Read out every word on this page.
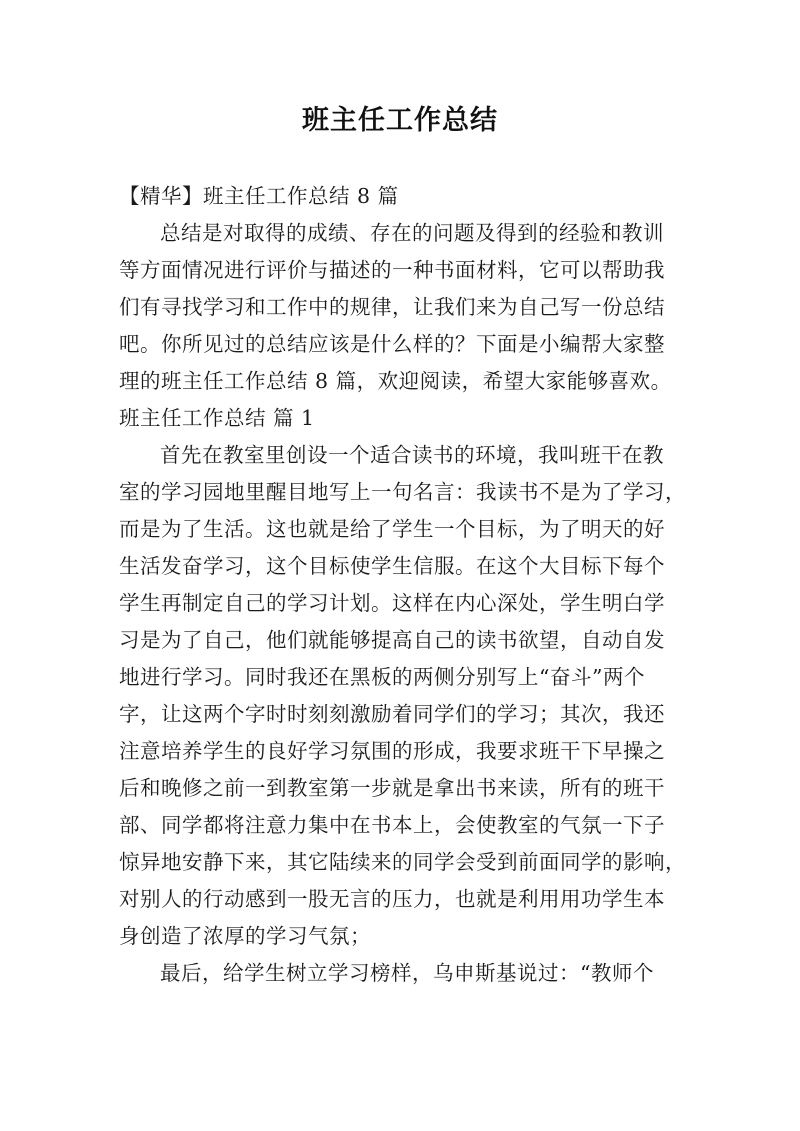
班主任工作总结
【精华】班主任工作总结 8 篇
总结是对取得的成绩、存在的问题及得到的经验和教训
等方面情况进行评价与描述的一种书面材料，它可以帮助我
们有寻找学习和工作中的规律，让我们来为自己写一份总结
吧。你所见过的总结应该是什么样的？下面是小编帮大家整
理的班主任工作总结 8 篇，欢迎阅读，希望大家能够喜欢。
班主任工作总结 篇 1
首先在教室里创设一个适合读书的环境，我叫班干在教
室的学习园地里醒目地写上一句名言：我读书不是为了学习，
而是为了生活。这也就是给了学生一个目标，为了明天的好
生活发奋学习，这个目标使学生信服。在这个大目标下每个
学生再制定自己的学习计划。这样在内心深处，学生明白学
习是为了自己，他们就能够提高自己的读书欲望，自动自发
地进行学习。同时我还在黑板的两侧分别写上“奋斗”两个
字，让这两个字时时刻刻激励着同学们的学习；其次，我还
注意培养学生的良好学习氛围的形成，我要求班干下早操之
后和晚修之前一到教室第一步就是拿出书来读，所有的班干
部、同学都将注意力集中在书本上，会使教室的气氛一下子
惊异地安静下来，其它陆续来的同学会受到前面同学的影响，
对别人的行动感到一股无言的压力，也就是利用用功学生本
身创造了浓厚的学习气氛；
最后，给学生树立学习榜样，乌申斯基说过：“教师个
